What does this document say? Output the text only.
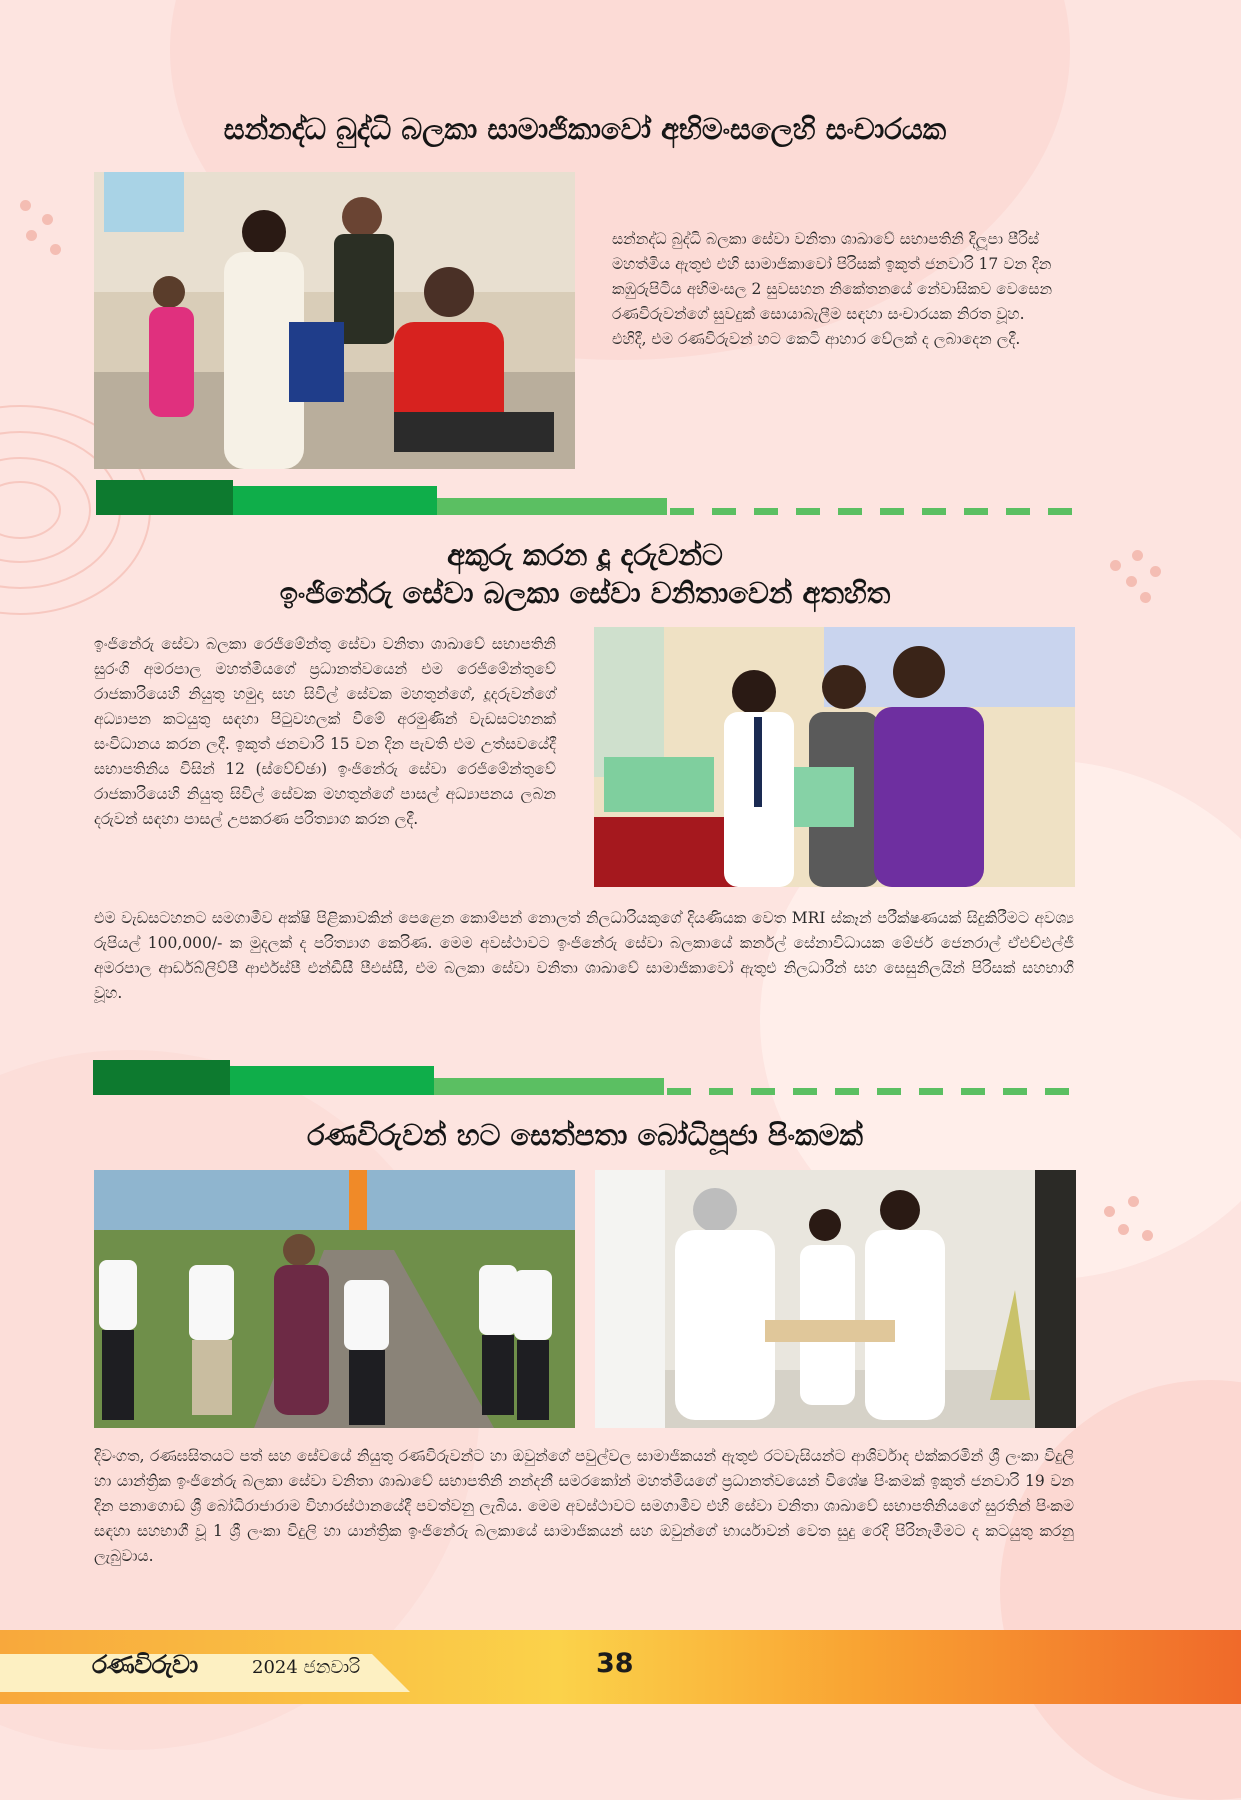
සන්නද්ධ බුද්ධි බලකා සාමාජිකාවෝ අභිමංසලෙහි සංචාරයක

සන්නද්ධ බුද්ධි බලකා සේවා වනිතා ශාඛාවේ සභාපතිනි දිලූපා පීරිස් මහත්මිය ඇතුළු එහි සාමාජිකාවෝ පිරිසක් ඉකුත් ජනවාරි 17 වන දින කඹුරුපිටිය අභිමංසල 2 සුවසහන නිකේතනයේ නේවාසිකව වෙසෙන රණවිරුවන්ගේ සුවදුක් සොයාබැලීම සඳහා සංචාරයක නිරත වූහ. එහිදී, එම රණවිරුවන් හට කෙටි ආහාර වේලක් ද ලබාදෙන ලදී.

අකුරු කරන දූ දරුවන්ට
ඉංජිනේරු සේවා බලකා සේවා වනිතාවෙන් අතහිත

ඉංජිනේරු සේවා බලකා රෙජිමේන්තු සේවා වනිතා ශාඛාවේ සභාපතිනි සුරංගි අමරපාල මහත්මියගේ ප්‍රධානත්වයෙන් එම රෙජිමේන්තුවේ රාජකාරියෙහි නියුතු හමුදා සහ සිවිල් සේවක මහතුන්ගේ, දූදරුවන්ගේ අධ්‍යාපන කටයුතු සඳහා පිටුවහලක් වීමේ අරමුණින් වැඩසටහනක් සංවිධානය කරන ලදී. ඉකුත් ජනවාරි 15 වන දින පැවති එම උත්සවයේදී සභාපතිනිය විසින් 12 (ස්වේච්ඡා) ඉංජිනේරු සේවා රෙජිමේන්තුවේ රාජකාරියෙහි නියුතු සිවිල් සේවක මහතුන්ගේ පාසල් අධ්‍යාපනය ලබන දරුවන් සඳහා පාසල් උපකරණ පරිත්‍යාග කරන ලදී.

එම වැඩසටහනට සමගාමීව අක්ෂි පිළිකාවකින් පෙළෙන කොම්පන් නොලත් නිලධාරියකුගේ දියණියක වෙත MRI ස්කෑන් පරීක්ෂණයක් සිදුකිරීමට අවශ්‍ය රුපියල් 100,000/- ක මුදලක් ද පරිත්‍යාග කෙරිණ. මෙම අවස්ථාවට ඉංජිනේරු සේවා බලකායේ කර්නල් සේනාවිධායක මේජර් ජෙනරාල් ඒඑච්එල්ජී අමරපාල ආර්ඩබ්ලිව්පී ආර්එස්පී එන්ඩීසී පීඑස්සී, එම බලකා සේවා වනිතා ශාඛාවේ සාමාජිකාවෝ ඇතුළු නිලධාරීන් සහ සෙසුනිලයින් පිරිසක් සහභාගී වූහ.

රණවිරුවන් හට සෙත්පතා බෝධිපූජා පිංකමක්

දිවංගත, රණඝසිතයට පත් සහ සේවයේ නියුතු රණවිරුවන්ට හා ඔවුන්ගේ පවුල්වල සාමාජිකයන් ඇතුළු රටවැසියන්ට ආශිර්වාද එක්කරමින් ශ්‍රී ලංකා විදුලි හා යාන්ත්‍රික ඉංජිනේරු බලකා සේවා වනිතා ශාඛාවේ සභාපතිනි නන්දනී සමරකෝන් මහත්මියගේ ප්‍රධානත්වයෙන් විශේෂ පිංකමක් ඉකුත් ජනවාරි 19 වන දින පනාගොඩ ශ්‍රී බෝධිරාජාරාම විහාරස්ථානයේදී පවත්වනු ලැබිය. මෙම අවස්ථාවට සමගාමීව එහි සේවා වනිතා ශාඛාවේ සභාපතිනියගේ සුරතින් පිංකම සඳහා සහභාගී වූ 1 ශ්‍රී ලංකා විදුලි හා යාන්ත්‍රික ඉංජිනේරු බලකායේ සාමාජිකයන් සහ ඔවුන්ගේ භාර්යාවන් වෙත සුදු රෙදි පිරිනැමීමට ද කටයුතු කරනු ලැබුවාය.

රණවිරුවා	2024 ජනවාරි	38
